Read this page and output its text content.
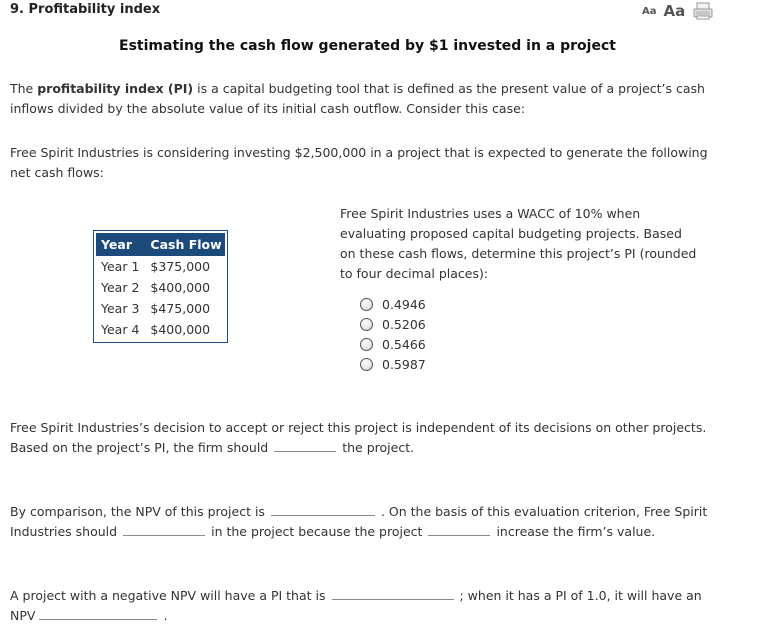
9. Profitability index	Aa Aa
Estimating the cash flow generated by $1 invested in a project
The profitability index (PI) is a capital budgeting tool that is defined as the present value of a project’s cash inflows divided by the absolute value of its initial cash outflow. Consider this case:
Free Spirit Industries is considering investing $2,500,000 in a project that is expected to generate the following net cash flows:
Year	Cash Flow
Year 1	$375,000
Year 2	$400,000
Year 3	$475,000
Year 4	$400,000
Free Spirit Industries uses a WACC of 10% when evaluating proposed capital budgeting projects. Based on these cash flows, determine this project’s PI (rounded to four decimal places):
0.4946
0.5206
0.5466
0.5987
Free Spirit Industries’s decision to accept or reject this project is independent of its decisions on other projects. Based on the project’s PI, the firm should	the project.
By comparison, the NPV of this project is	. On the basis of this evaluation criterion, Free Spirit Industries should	in the project because the project	increase the firm’s value.
A project with a negative NPV will have a PI that is	; when it has a PI of 1.0, it will have an NPV	.
